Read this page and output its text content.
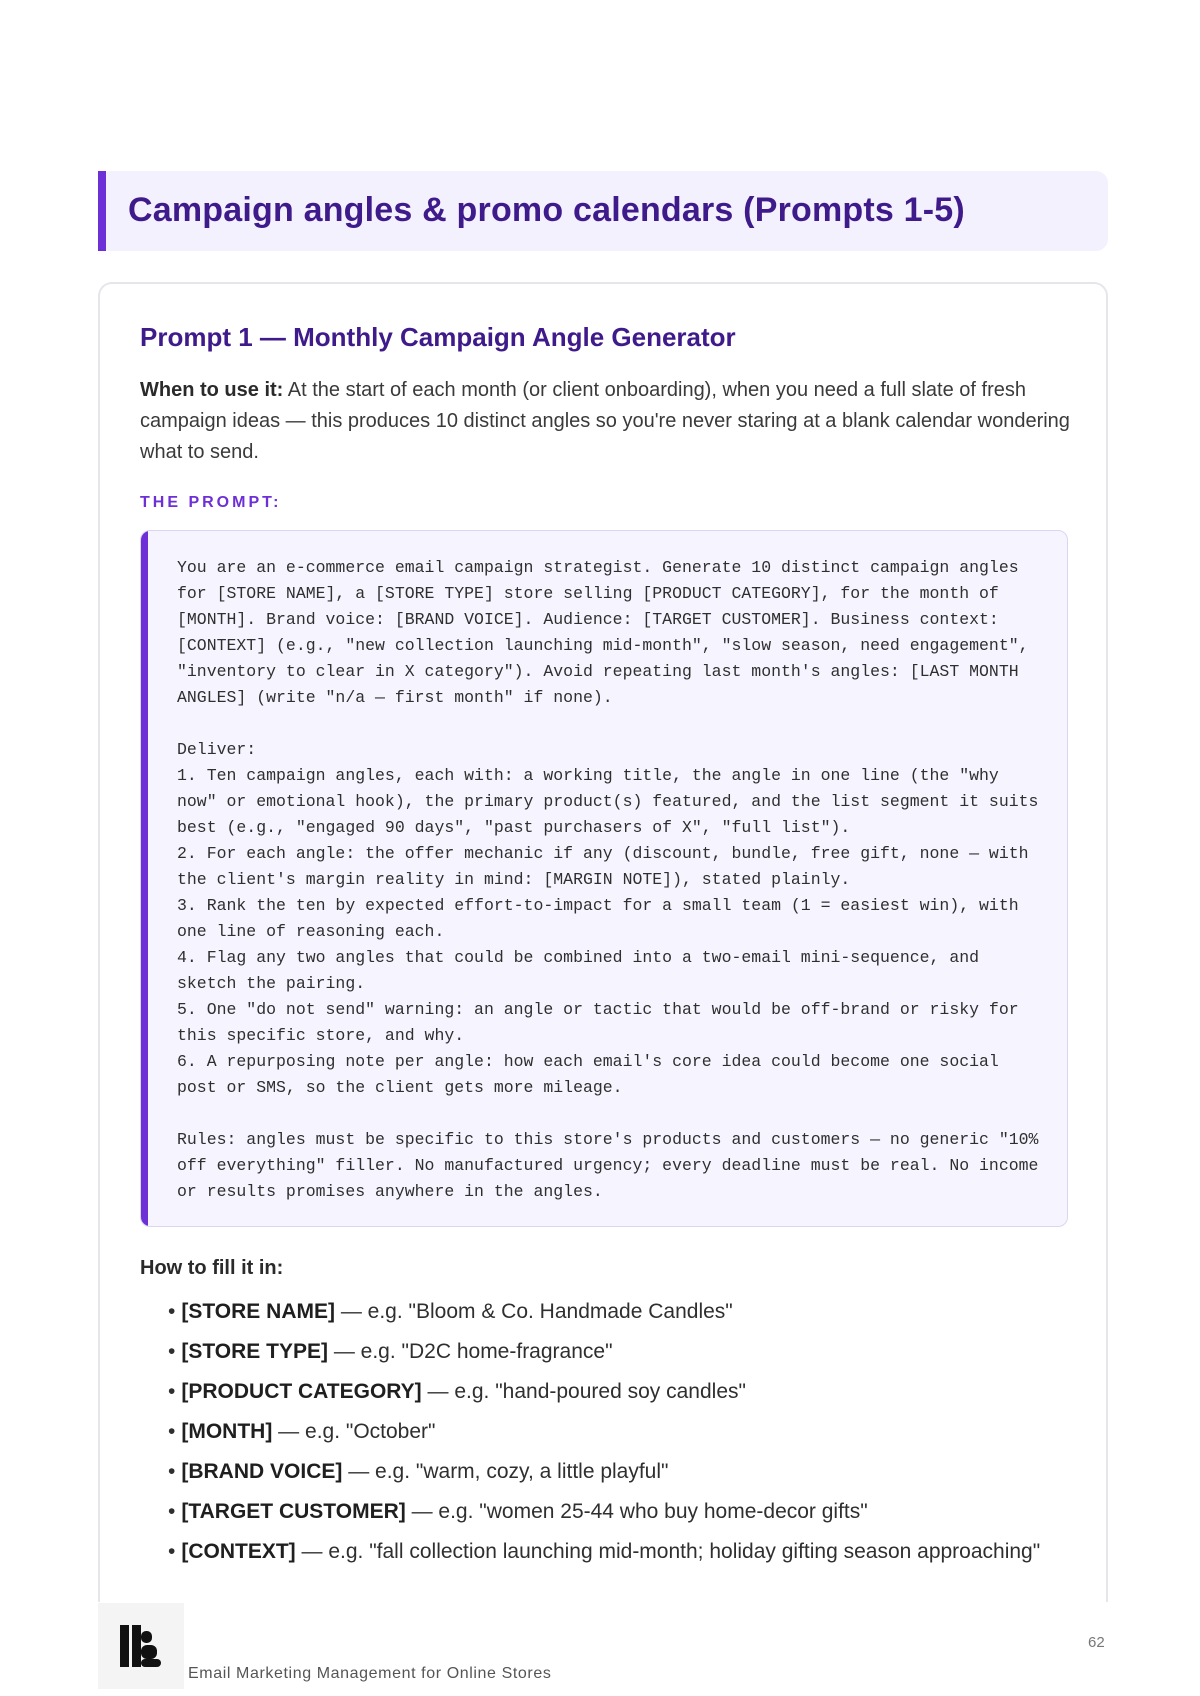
Campaign angles & promo calendars (Prompts 1-5)
Prompt 1 — Monthly Campaign Angle Generator

When to use it: At the start of each month (or client onboarding), when you need a full slate of fresh campaign ideas — this produces 10 distinct angles so you're never staring at a blank calendar wondering what to send.

THE PROMPT:
You are an e-commerce email campaign strategist. Generate 10 distinct campaign angles
for [STORE NAME], a [STORE TYPE] store selling [PRODUCT CATEGORY], for the month of
[MONTH]. Brand voice: [BRAND VOICE]. Audience: [TARGET CUSTOMER]. Business context:
[CONTEXT] (e.g., "new collection launching mid-month", "slow season, need engagement",
"inventory to clear in X category"). Avoid repeating last month's angles: [LAST MONTH
ANGLES] (write "n/a — first month" if none).

Deliver:
1. Ten campaign angles, each with: a working title, the angle in one line (the "why
now" or emotional hook), the primary product(s) featured, and the list segment it suits
best (e.g., "engaged 90 days", "past purchasers of X", "full list").
2. For each angle: the offer mechanic if any (discount, bundle, free gift, none — with
the client's margin reality in mind: [MARGIN NOTE]), stated plainly.
3. Rank the ten by expected effort-to-impact for a small team (1 = easiest win), with
one line of reasoning each.
4. Flag any two angles that could be combined into a two-email mini-sequence, and
sketch the pairing.
5. One "do not send" warning: an angle or tactic that would be off-brand or risky for
this specific store, and why.
6. A repurposing note per angle: how each email's core idea could become one social
post or SMS, so the client gets more mileage.

Rules: angles must be specific to this store's products and customers — no generic "10%
off everything" filler. No manufactured urgency; every deadline must be real. No income
or results promises anywhere in the angles.
How to fill it in:
• [STORE NAME] — e.g. "Bloom & Co. Handmade Candles"
• [STORE TYPE] — e.g. "D2C home-fragrance"
• [PRODUCT CATEGORY] — e.g. "hand-poured soy candles"
• [MONTH] — e.g. "October"
• [BRAND VOICE] — e.g. "warm, cozy, a little playful"
• [TARGET CUSTOMER] — e.g. "women 25-44 who buy home-decor gifts"
• [CONTEXT] — e.g. "fall collection launching mid-month; holiday gifting season approaching"
Email Marketing Management for Online Stores
62
